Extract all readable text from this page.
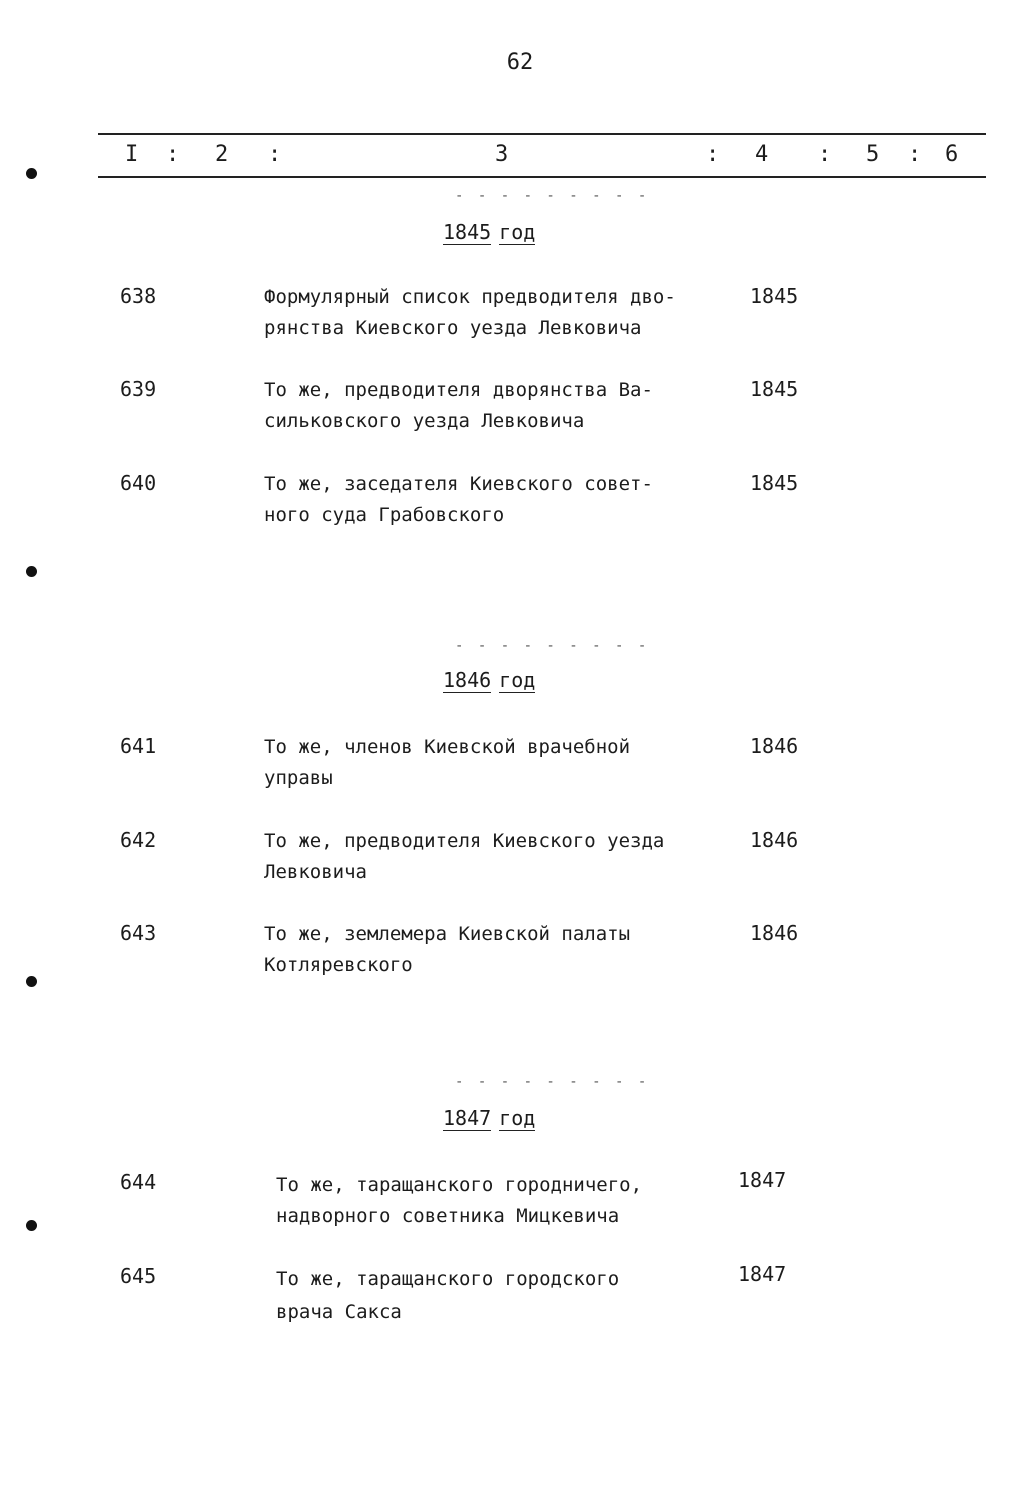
62
I : 2 :	3	: 4 : 5 : 6
- - - - - - - - -
1845 год
638	Формулярный список предводителя дво-
рянства Киевского уезда Левковича
1845
639	То же, предводителя дворянства Ва-
сильковского уезда Левковича
1845
640	То же, заседателя Киевского совет-
ного суда Грабовского
1845
- - - - - - - - -
1846 год
641	То же, членов Киевской врачебной
управы
1846
642	То же, предводителя Киевского уезда
Левковича
1846
643	То же, землемера Киевской палаты
Котляревского
1846
- - - - - - - - -
1847 год
644	То же, таращанского городничего,
надворного советника Мицкевича
1847
645	То же, таращанского городского
врача Сакса
1847
